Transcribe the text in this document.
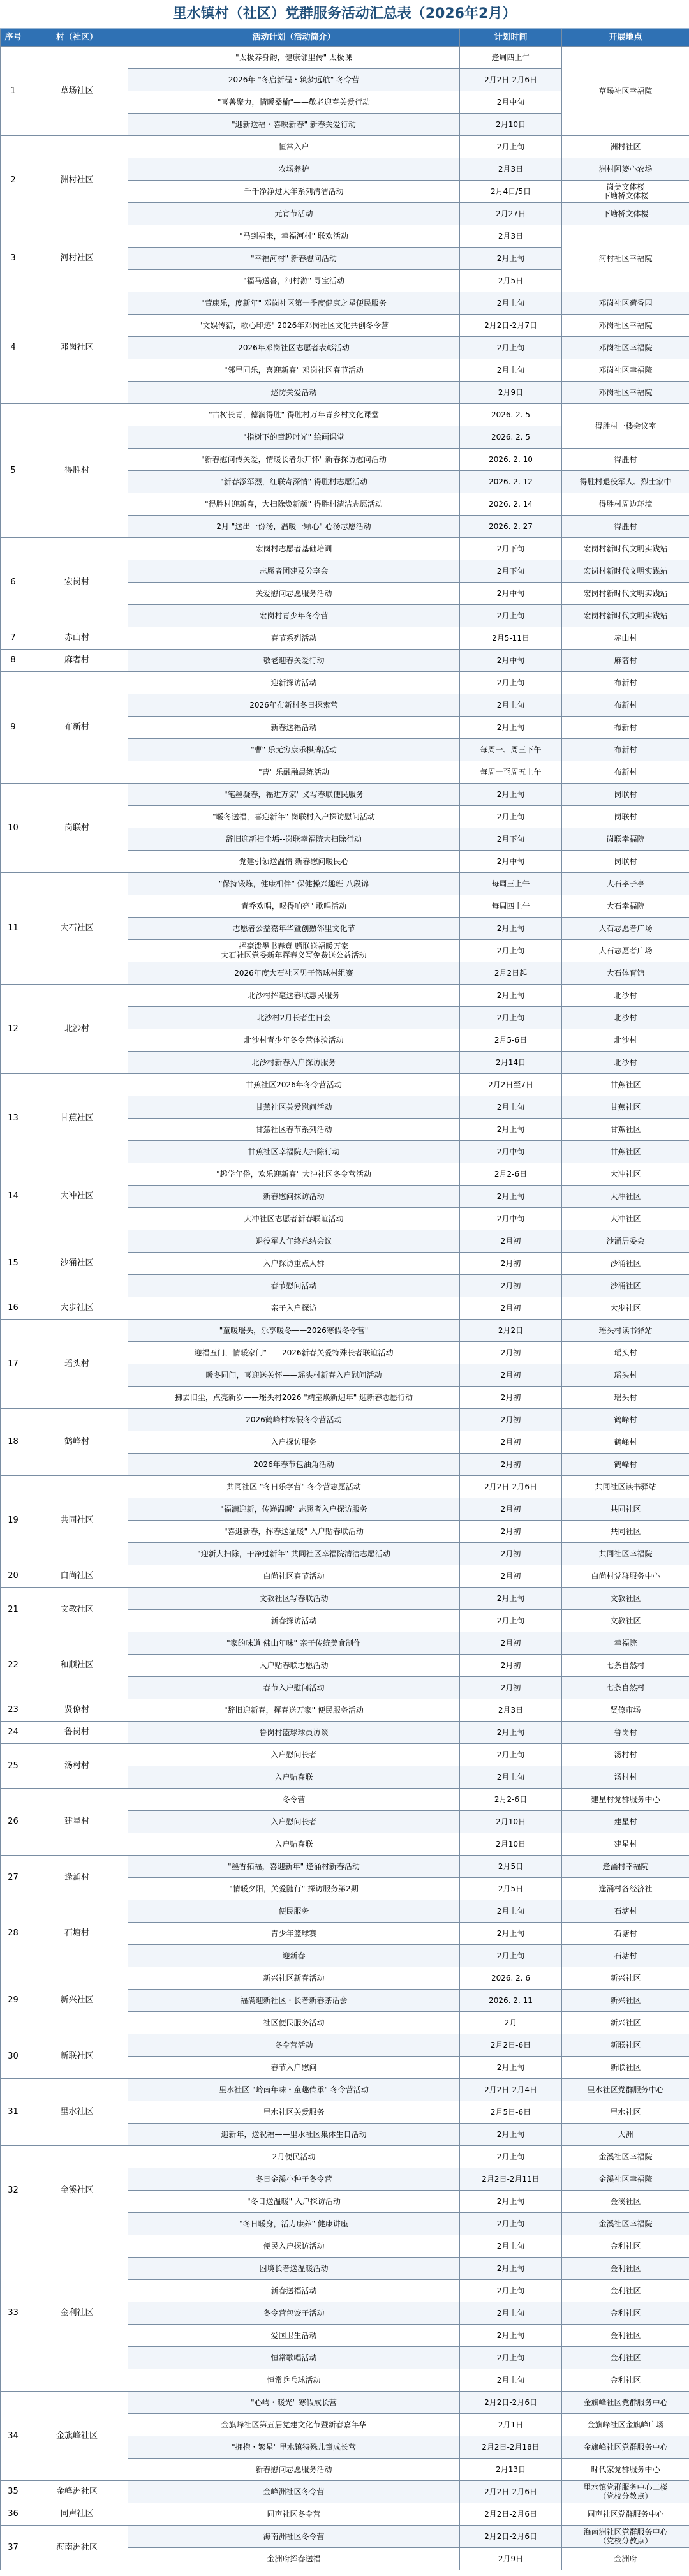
里水镇村（社区）党群服务活动汇总表（2026年2月）
序号	村（社区）	活动计划（活动简介）	计划时间	开展地点
1	草场社区	"太极养身韵，健康邻里传" 太极课	逢周四上午	草场社区幸福院
		2026年 "冬启新程・筑梦远航" 冬令营	2月2日-2月6日	
		"喜善聚力，情暖桑榆"——敬老迎春关爱行动	2月中旬	
		"迎新送福・喜映新春" 新春关爱行动	2月10日	
2	洲村社区	恒常入户	2月上旬	洲村社区
		农场养护	2月3日	洲村阿婆心农场
		千千净净过大年系列清洁活动	2月4日/5日	岗美文体楼
下塘桥文体楼
		元宵节活动	2月27日	下塘桥文体楼
3	河村社区	"马到福来，幸福河村" 联欢活动	2月3日	河村社区幸福院
		"幸福河村" 新春慰问活动	2月上旬	
		"福马送喜，河村游" 寻宝活动	2月5日	
4	邓岗社区	"萱康乐，度新年" 邓岗社区第一季度健康之星便民服务	2月上旬	邓岗社区荷香园
		"文娱传薪，歌心印迹" 2026年邓岗社区文化共创冬令营	2月2日-2月7日	邓岗社区幸福院
		2026年邓岗社区志愿者表彰活动	2月上旬	邓岗社区幸福院
		"邻里同乐，喜迎新春" 邓岗社区春节活动	2月上旬	邓岗社区幸福院
		巡防关爱活动	2月9日	邓岗社区幸福院
5	得胜村	"古树长青，德润得胜" 得胜村万年青乡村文化课堂	2026. 2. 5	得胜村一楼会议室
		"指树下的童趣时光" 绘画课堂	2026. 2. 5	
		"新春慰问传关爱，情暖长者乐开怀" 新春探访慰问活动	2026. 2. 10	得胜村
		"新春添军烈，红联寄深情" 得胜村志愿活动	2026. 2. 12	得胜村退役军人、烈士家中
		"得胜村迎新春，大扫除焕新颜" 得胜村清洁志愿活动	2026. 2. 14	得胜村周边环境
		2月 "送出一份汤，温暖一颗心" 心汤志愿活动	2026. 2. 27	得胜村
6	宏岗村	宏岗村志愿者基础培训	2月下旬	宏岗村新时代文明实践站
		志愿者团建及分享会	2月下旬	宏岗村新时代文明实践站
		关爱慰问志愿服务活动	2月中旬	宏岗村新时代文明实践站
		宏岗村青少年冬令营	2月上旬	宏岗村新时代文明实践站
7	赤山村	春节系列活动	2月5-11日	赤山村
8	麻奢村	敬老迎春关爱行动	2月中旬	麻奢村
9	布新村	迎新探访活动	2月上旬	布新村
		2026年布新村冬日探索营	2月上旬	布新村
		新春送福活动	2月上旬	布新村
		"曹" 乐无穷康乐棋牌活动	每周一、周三下午	布新村
		"曹" 乐融融晨练活动	每周一至周五上午	布新村
10	岗联村	"笔墨凝春，福进万家" 义写春联便民服务	2月上旬	岗联村
		"暖冬送福，喜迎新年" 岗联村入户探访慰问活动	2月上旬	岗联村
		辞旧迎新扫尘垢--岗联幸福院大扫除行动	2月下旬	岗联幸福院
		党建引领送温情 新春慰问暖民心	2月中旬	岗联村
11	大石社区	"保持锻炼，健康相伴" 保健操兴趣班-八段锦	每周三上午	大石孝子亭
		青乔欢唱，喝得响亮" 歌唱活动	每周四上午	大石幸福院
		志愿者公益嘉年华暨创熟邻里文化节	2月上旬	大石志愿者广场
		挥毫泼墨书春意 赠联送福暖万家
大石社区党委新年挥春义写免费送公益活动	2月上旬	大石志愿者广场
		2026年度大石社区男子篮球村组赛	2月2日起	大石体育馆
12	北沙村	北沙村挥毫送春联惠民服务	2月上旬	北沙村
		北沙村2月长者生日会	2月上旬	北沙村
		北沙村青少年冬令营体验活动	2月5-6日	北沙村
		北沙村新春入户探访服务	2月14日	北沙村
13	甘蕉社区	甘蕉社区2026年冬令营活动	2月2日至7日	甘蕉社区
		甘蕉社区关爱慰问活动	2月上旬	甘蕉社区
		甘蕉社区春节系列活动	2月上旬	甘蕉社区
		甘蕉社区幸福院大扫除行动	2月中旬	甘蕉社区
14	大冲社区	"趣学年俗，欢乐迎新春" 大冲社区冬令营活动	2月2-6日	大冲社区
		新春慰问探访活动	2月上旬	大冲社区
		大冲社区志愿者新春联谊活动	2月中旬	大冲社区
15	沙涌社区	退役军人年终总结会议	2月初	沙涌居委会
		入户探访重点人群	2月初	沙涌社区
		春节慰问活动	2月初	沙涌社区
16	大步社区	亲子入户探访	2月初	大步社区
17	瑶头村	"童暖瑶头，乐享暖冬——2026寒假冬令营"	2月2日	瑶头村读书驿站
		迎福五门，情暖家门"——2026新春关爱特殊长者联谊活动	2月初	瑶头村
		暖冬同门，喜迎送关怀——瑶头村新春入户慰问活动	2月初	瑶头村
		拂去旧尘，点亮新岁——瑶头村2026 "靖室焕新迎年" 迎新春志愿行动	2月初	瑶头村
18	鹤峰村	2026鹤峰村寒假冬令营活动	2月初	鹤峰村
		入户探访服务	2月初	鹤峰村
		2026年春节包油角活动	2月初	鹤峰村
19	共同社区	共同社区 "冬日乐学营" 冬令营志愿活动	2月2日-2月6日	共同社区读书驿站
		"福满迎新，传递温暖" 志愿者入户探访服务	2月初	共同社区
		"喜迎新春，挥春送温暖" 入户贴春联活动	2月初	共同社区
		"迎新大扫除，干净过新年" 共同社区幸福院清洁志愿活动	2月初	共同社区幸福院
20	白尚社区	白尚社区春节活动	2月初	白尚村党群服务中心
21	文教社区	文教社区写春联活动	2月上旬	文教社区
		新春探访活动	2月上旬	文教社区
22	和顺社区	"家的味道 佛山年味" 亲子传统美食制作	2月初	幸福院
		入户贴春联志愿活动	2月初	七条自然村
		春节入户慰问活动	2月初	七条自然村
23	贤僚村	"辞旧迎新春，挥春送万家" 便民服务活动	2月3日	贤僚市场
24	鲁岗村	鲁岗村篮球球员访谈	2月上旬	鲁岗村
25	汤村村	入户慰问长者	2月上旬	汤村村
		入户贴春联	2月上旬	汤村村
26	建星村	冬令营	2月2-6日	建星村党群服务中心
		入户慰问长者	2月10日	建星村
		入户贴春联	2月10日	建星村
27	逢涌村	"墨香拓福，喜迎新年" 逢涌村新春活动	2月5日	逢涌村幸福院
		"情暖夕阳，关爱随行" 探访服务第2期	2月5日	逢涌村各经济社
28	石塘村	便民服务	2月上旬	石塘村
		青少年篮球赛	2月上旬	石塘村
		迎新春	2月上旬	石塘村
29	新兴社区	新兴社区新春活动	2026. 2. 6	新兴社区
		福满迎新社区・长者新春茶话会	2026. 2. 11	新兴社区
		社区便民服务活动	2月	新兴社区
30	新联社区	冬令营活动	2月2日-6日	新联社区
		春节入户慰问	2月上旬	新联社区
31	里水社区	里水社区 "岭南年味・童趣传承" 冬令营活动	2月2日-2月4日	里水社区党群服务中心
		里水社区关爱服务	2月5日-6日	里水社区
		迎新年，送祝福——里水社区集体生日活动	2月上旬	大洲
32	金溪社区	2月便民活动	2月上旬	金溪社区幸福院
		冬日金溪小种子冬令营	2月2日-2月11日	金溪社区幸福院
		"冬日送温暖" 入户探访活动	2月上旬	金溪社区
		"冬日暖身，活力康养" 健康讲座	2月上旬	金溪社区幸福院
33	金利社区	便民入户探访活动	2月上旬	金利社区
		困境长者送温暖活动	2月上旬	金利社区
		新春送福活动	2月上旬	金利社区
		冬令营包饺子活动	2月上旬	金利社区
		爱国卫生活动	2月上旬	金利社区
		恒常歌唱活动	2月上旬	金利社区
		恒常乒乓球活动	2月上旬	金利社区
34	金旗峰社区	"心屿・暖光" 寒假成长营	2月2日-2月6日	金旗峰社区党群服务中心
		金旗峰社区第五届党建文化节暨新春嘉年华	2月1日	金旗峰社区金旗峰广场
		"拥抱・繁星" 里水镇特殊儿童成长营	2月2日-2月18日	金旗峰社区党群服务中心
		新春慰问志愿服务活动	2月13日	时代家党群服务中心
35	金峰洲社区	金峰洲社区冬令营	2月2日-2月6日	里水镇党群服务中心二楼
（党校分教点）
36	同声社区	同声社区冬令营	2月2日-2月6日	同声社区党群服务中心
37	海南洲社区	海南洲社区冬令营	2月2日-2月6日	海南洲社区党群服务中心
（党校分教点）
		金洲府挥春送福	2月9日	金洲府
